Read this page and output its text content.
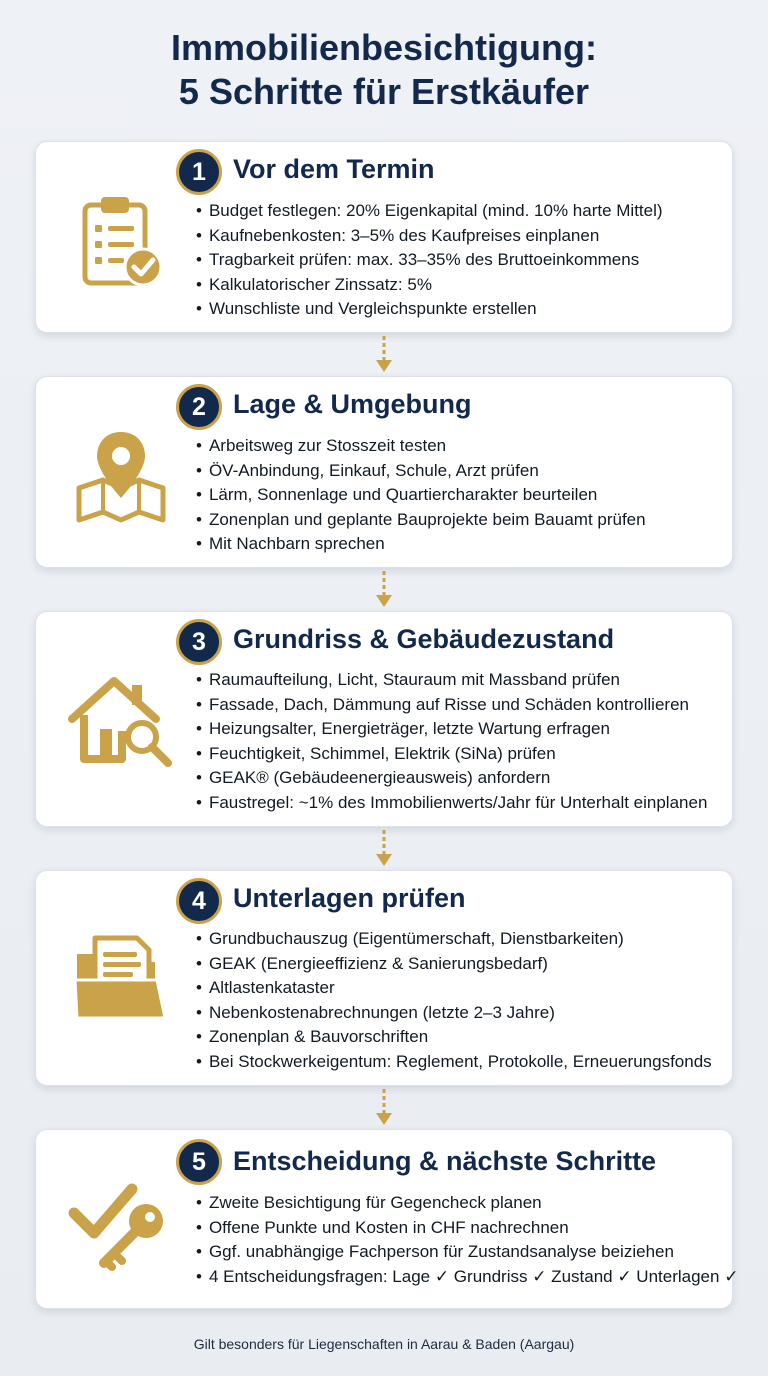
Immobilienbesichtigung:
5 Schritte für Erstkäufer
1	Vor dem Termin
• Budget festlegen: 20% Eigenkapital (mind. 10% harte Mittel)
• Kaufnebenkosten: 3–5% des Kaufpreises einplanen
• Tragbarkeit prüfen: max. 33–35% des Bruttoeinkommens
• Kalkulatorischer Zinssatz: 5%
• Wunschliste und Vergleichspunkte erstellen
2	Lage & Umgebung
• Arbeitsweg zur Stosszeit testen
• ÖV-Anbindung, Einkauf, Schule, Arzt prüfen
• Lärm, Sonnenlage und Quartiercharakter beurteilen
• Zonenplan und geplante Bauprojekte beim Bauamt prüfen
• Mit Nachbarn sprechen
3	Grundriss & Gebäudezustand
• Raumaufteilung, Licht, Stauraum mit Massband prüfen
• Fassade, Dach, Dämmung auf Risse und Schäden kontrollieren
• Heizungsalter, Energieträger, letzte Wartung erfragen
• Feuchtigkeit, Schimmel, Elektrik (SiNa) prüfen
• GEAK® (Gebäudeenergieausweis) anfordern
• Faustregel: ~1% des Immobilienwerts/Jahr für Unterhalt einplanen
4	Unterlagen prüfen
• Grundbuchauszug (Eigentümerschaft, Dienstbarkeiten)
• GEAK (Energieeffizienz & Sanierungsbedarf)
• Altlastenkataster
• Nebenkostenabrechnungen (letzte 2–3 Jahre)
• Zonenplan & Bauvorschriften
• Bei Stockwerkeigentum: Reglement, Protokolle, Erneuerungsfonds
5	Entscheidung & nächste Schritte
• Zweite Besichtigung für Gegencheck planen
• Offene Punkte und Kosten in CHF nachrechnen
• Ggf. unabhängige Fachperson für Zustandsanalyse beiziehen
• 4 Entscheidungsfragen: Lage ✓ Grundriss ✓ Zustand ✓ Unterlagen ✓
Gilt besonders für Liegenschaften in Aarau & Baden (Aargau)
